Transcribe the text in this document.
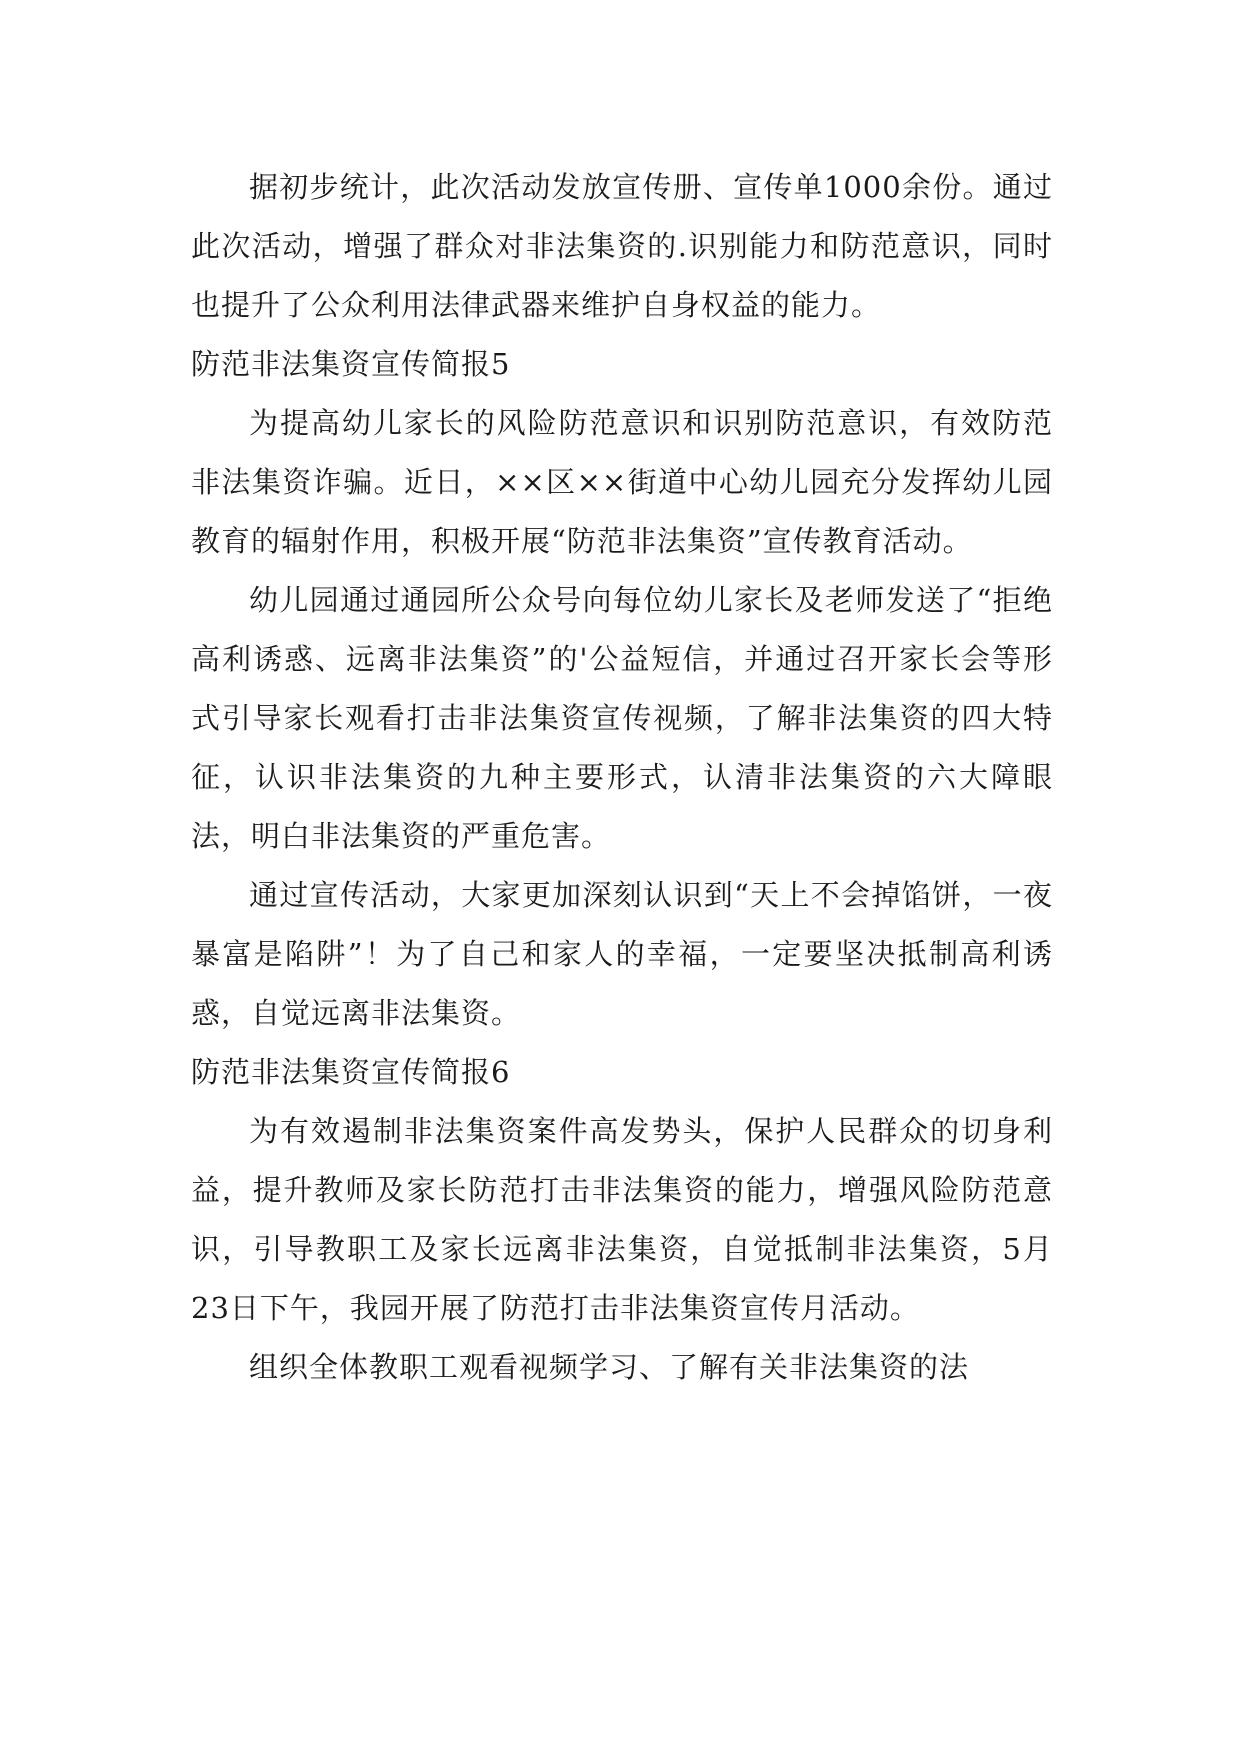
据初步统计，此次活动发放宣传册、宣传单1000余份。通过此次活动，增强了群众对非法集资的.识别能力和防范意识，同时也提升了公众利用法律武器来维护自身权益的能力。

防范非法集资宣传简报5

为提高幼儿家长的风险防范意识和识别防范意识，有效防范非法集资诈骗。近日，××区××街道中心幼儿园充分发挥幼儿园教育的辐射作用，积极开展“防范非法集资”宣传教育活动。

幼儿园通过通园所公众号向每位幼儿家长及老师发送了“拒绝高利诱惑、远离非法集资”的'公益短信，并通过召开家长会等形式引导家长观看打击非法集资宣传视频，了解非法集资的四大特征，认识非法集资的九种主要形式，认清非法集资的六大障眼法，明白非法集资的严重危害。

通过宣传活动，大家更加深刻认识到“天上不会掉馅饼，一夜暴富是陷阱”！为了自己和家人的幸福，一定要坚决抵制高利诱惑，自觉远离非法集资。

防范非法集资宣传简报6

为有效遏制非法集资案件高发势头，保护人民群众的切身利益，提升教师及家长防范打击非法集资的能力，增强风险防范意识，引导教职工及家长远离非法集资，自觉抵制非法集资，5月23日下午，我园开展了防范打击非法集资宣传月活动。

组织全体教职工观看视频学习、了解有关非法集资的法
